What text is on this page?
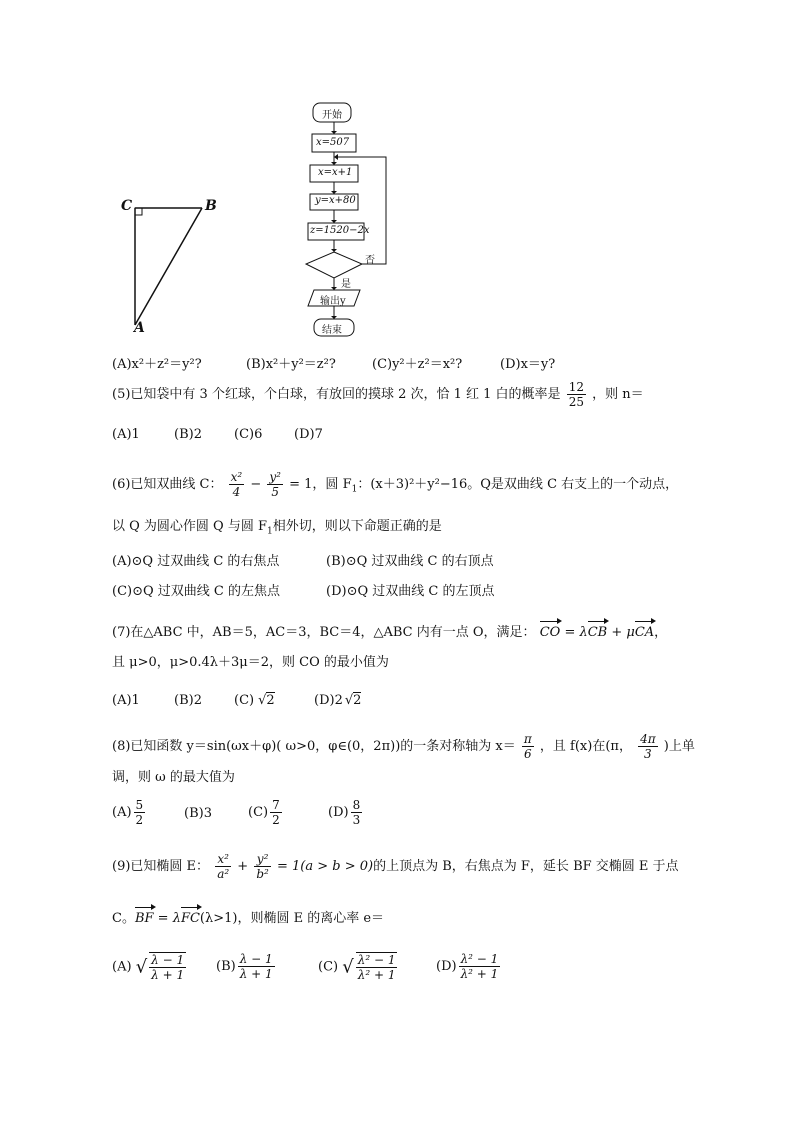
C	B
A
开始
x=507
x=x+1
y=x+80
z=1520−2x
否
是
输出y
结束
(A)x²＋z²＝y²?	(B)x²＋y²＝z²?	(C)y²＋z²＝x²?	(D)x＝y?
(5)已知袋中有 3 个红球，个白球，有放回的摸球 2 次，恰 1 红 1 白的概率是 $\frac{12}{25}$ ，则 n＝
(A)1	(B)2 (C)6 (D)7
(6)已知双曲线 C： $\frac{\text{x²}}{4} - \frac{\text{y²}}{5} = 1$，圆 $F_1$：(x＋3)²＋y²−16。Q是双曲线 C 右支上的一个动点，
以 Q 为圆心作圆 Q 与圆 $F_1$相外切，则以下命题正确的是
(A)⊙Q 过双曲线 C 的右焦点	(B)⊙Q 过双曲线 C 的右顶点
(C)⊙Q 过双曲线 C 的左焦点	(D)⊙Q 过双曲线 C 的左顶点
(7)在△ABC 中，AB＝5，AC＝3，BC＝4，△ABC 内有一点 O，满足： CO = λCB + μCA，
且 μ>0，μ>0.4λ＋3μ＝2，则 CO 的最小值为
(A)1	(B)2 (C) √2	(D)2 √2
(8)已知函数 y＝sin(ωx＋φ)( ω>0，φ∈(0，2π))的一条对称轴为 $x= \frac{\pi}{6}$ ，且 f(x)在(π， $\frac{4\pi}{3}$ )上单
调，则 ω 的最大值为
$(A) \frac{5}{2}$	(B)3	$(C) \frac{7}{2}$	$(D) \frac{8}{3}$
(9)已知椭圆 E： $\frac{\text{x²}}{\text{a²}} + \frac{\text{y²}}{\text{b²}} = 1(a > b > 0)$的上顶点为 B，右焦点为 F，延长 BF 交椭圆 E 于点
C。BF = λFC(λ>1)，则椭圆 E 的离心率 e＝
(A) √ $\frac{\lambda - 1}{\lambda + 1} (B) \frac{\lambda - 1}{\lambda + 1}$	(C) √ $\frac{\text{λ² − 1}}{\text{λ² + 1}}$	$(D) \frac{\text{λ² − 1}}{\text{λ² + 1}}$
